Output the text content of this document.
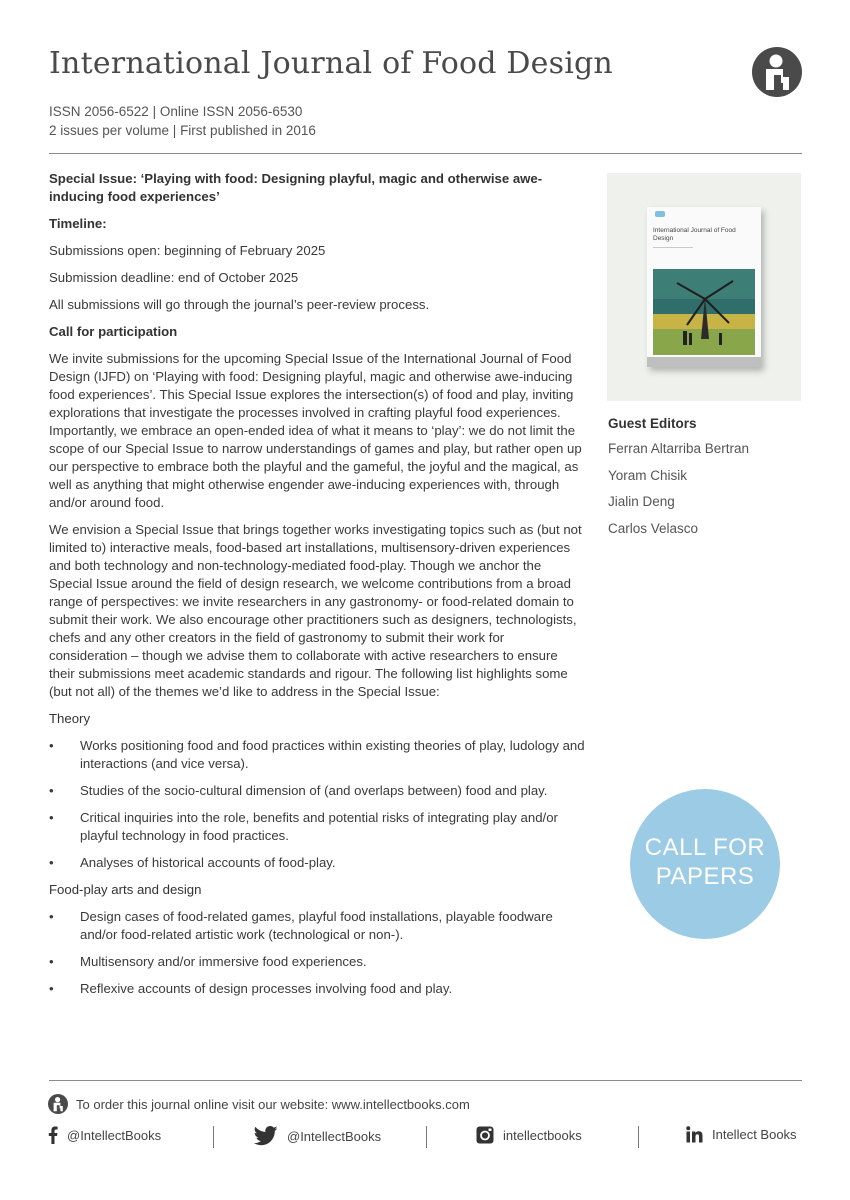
International Journal of Food Design
ISSN 2056-6522 | Online ISSN 2056-6530
2 issues per volume | First published in 2016

Special Issue: ‘Playing with food: Designing playful, magic and otherwise awe-inducing food experiences’

Timeline:

Submissions open: beginning of February 2025

Submission deadline: end of October 2025

All submissions will go through the journal’s peer-review process.

Call for participation

We invite submissions for the upcoming Special Issue of the International Journal of Food Design (IJFD) on ‘Playing with food: Designing playful, magic and otherwise awe-inducing food experiences’. This Special Issue explores the intersection(s) of food and play, inviting explorations that investigate the processes involved in crafting playful food experiences. Importantly, we embrace an open-ended idea of what it means to ‘play’: we do not limit the scope of our Special Issue to narrow understandings of games and play, but rather open up our perspective to embrace both the playful and the gameful, the joyful and the magical, as well as anything that might otherwise engender awe-inducing experiences with, through and/or around food.

We envision a Special Issue that brings together works investigating topics such as (but not limited to) interactive meals, food-based art installations, multisensory-driven experiences and both technology and non-technology-mediated food-play. Though we anchor the Special Issue around the field of design research, we welcome contributions from a broad range of perspectives: we invite researchers in any gastronomy- or food-related domain to submit their work. We also encourage other practitioners such as designers, technologists, chefs and any other creators in the field of gastronomy to submit their work for consideration – though we advise them to collaborate with active researchers to ensure their submissions meet academic standards and rigour. The following list highlights some (but not all) of the themes we’d like to address in the Special Issue:

Theory

• Works positioning food and food practices within existing theories of play, ludology and interactions (and vice versa).
• Studies of the socio-cultural dimension of (and overlaps between) food and play.
• Critical inquiries into the role, benefits and potential risks of integrating play and/or playful technology in food practices.
• Analyses of historical accounts of food-play.

Food-play arts and design

• Design cases of food-related games, playful food installations, playable foodware and/or food-related artistic work (technological or non-).
• Multisensory and/or immersive food experiences.
• Reflexive accounts of design processes involving food and play.
International Journal of Food Design
Guest Editors
Ferran Altarriba Bertran
Yoram Chisik
Jialin Deng
Carlos Velasco
CALL FOR
PAPERS
To order this journal online visit our website: www.intellectbooks.com
@IntellectBooks	@IntellectBooks	intellectbooks	Intellect Books
